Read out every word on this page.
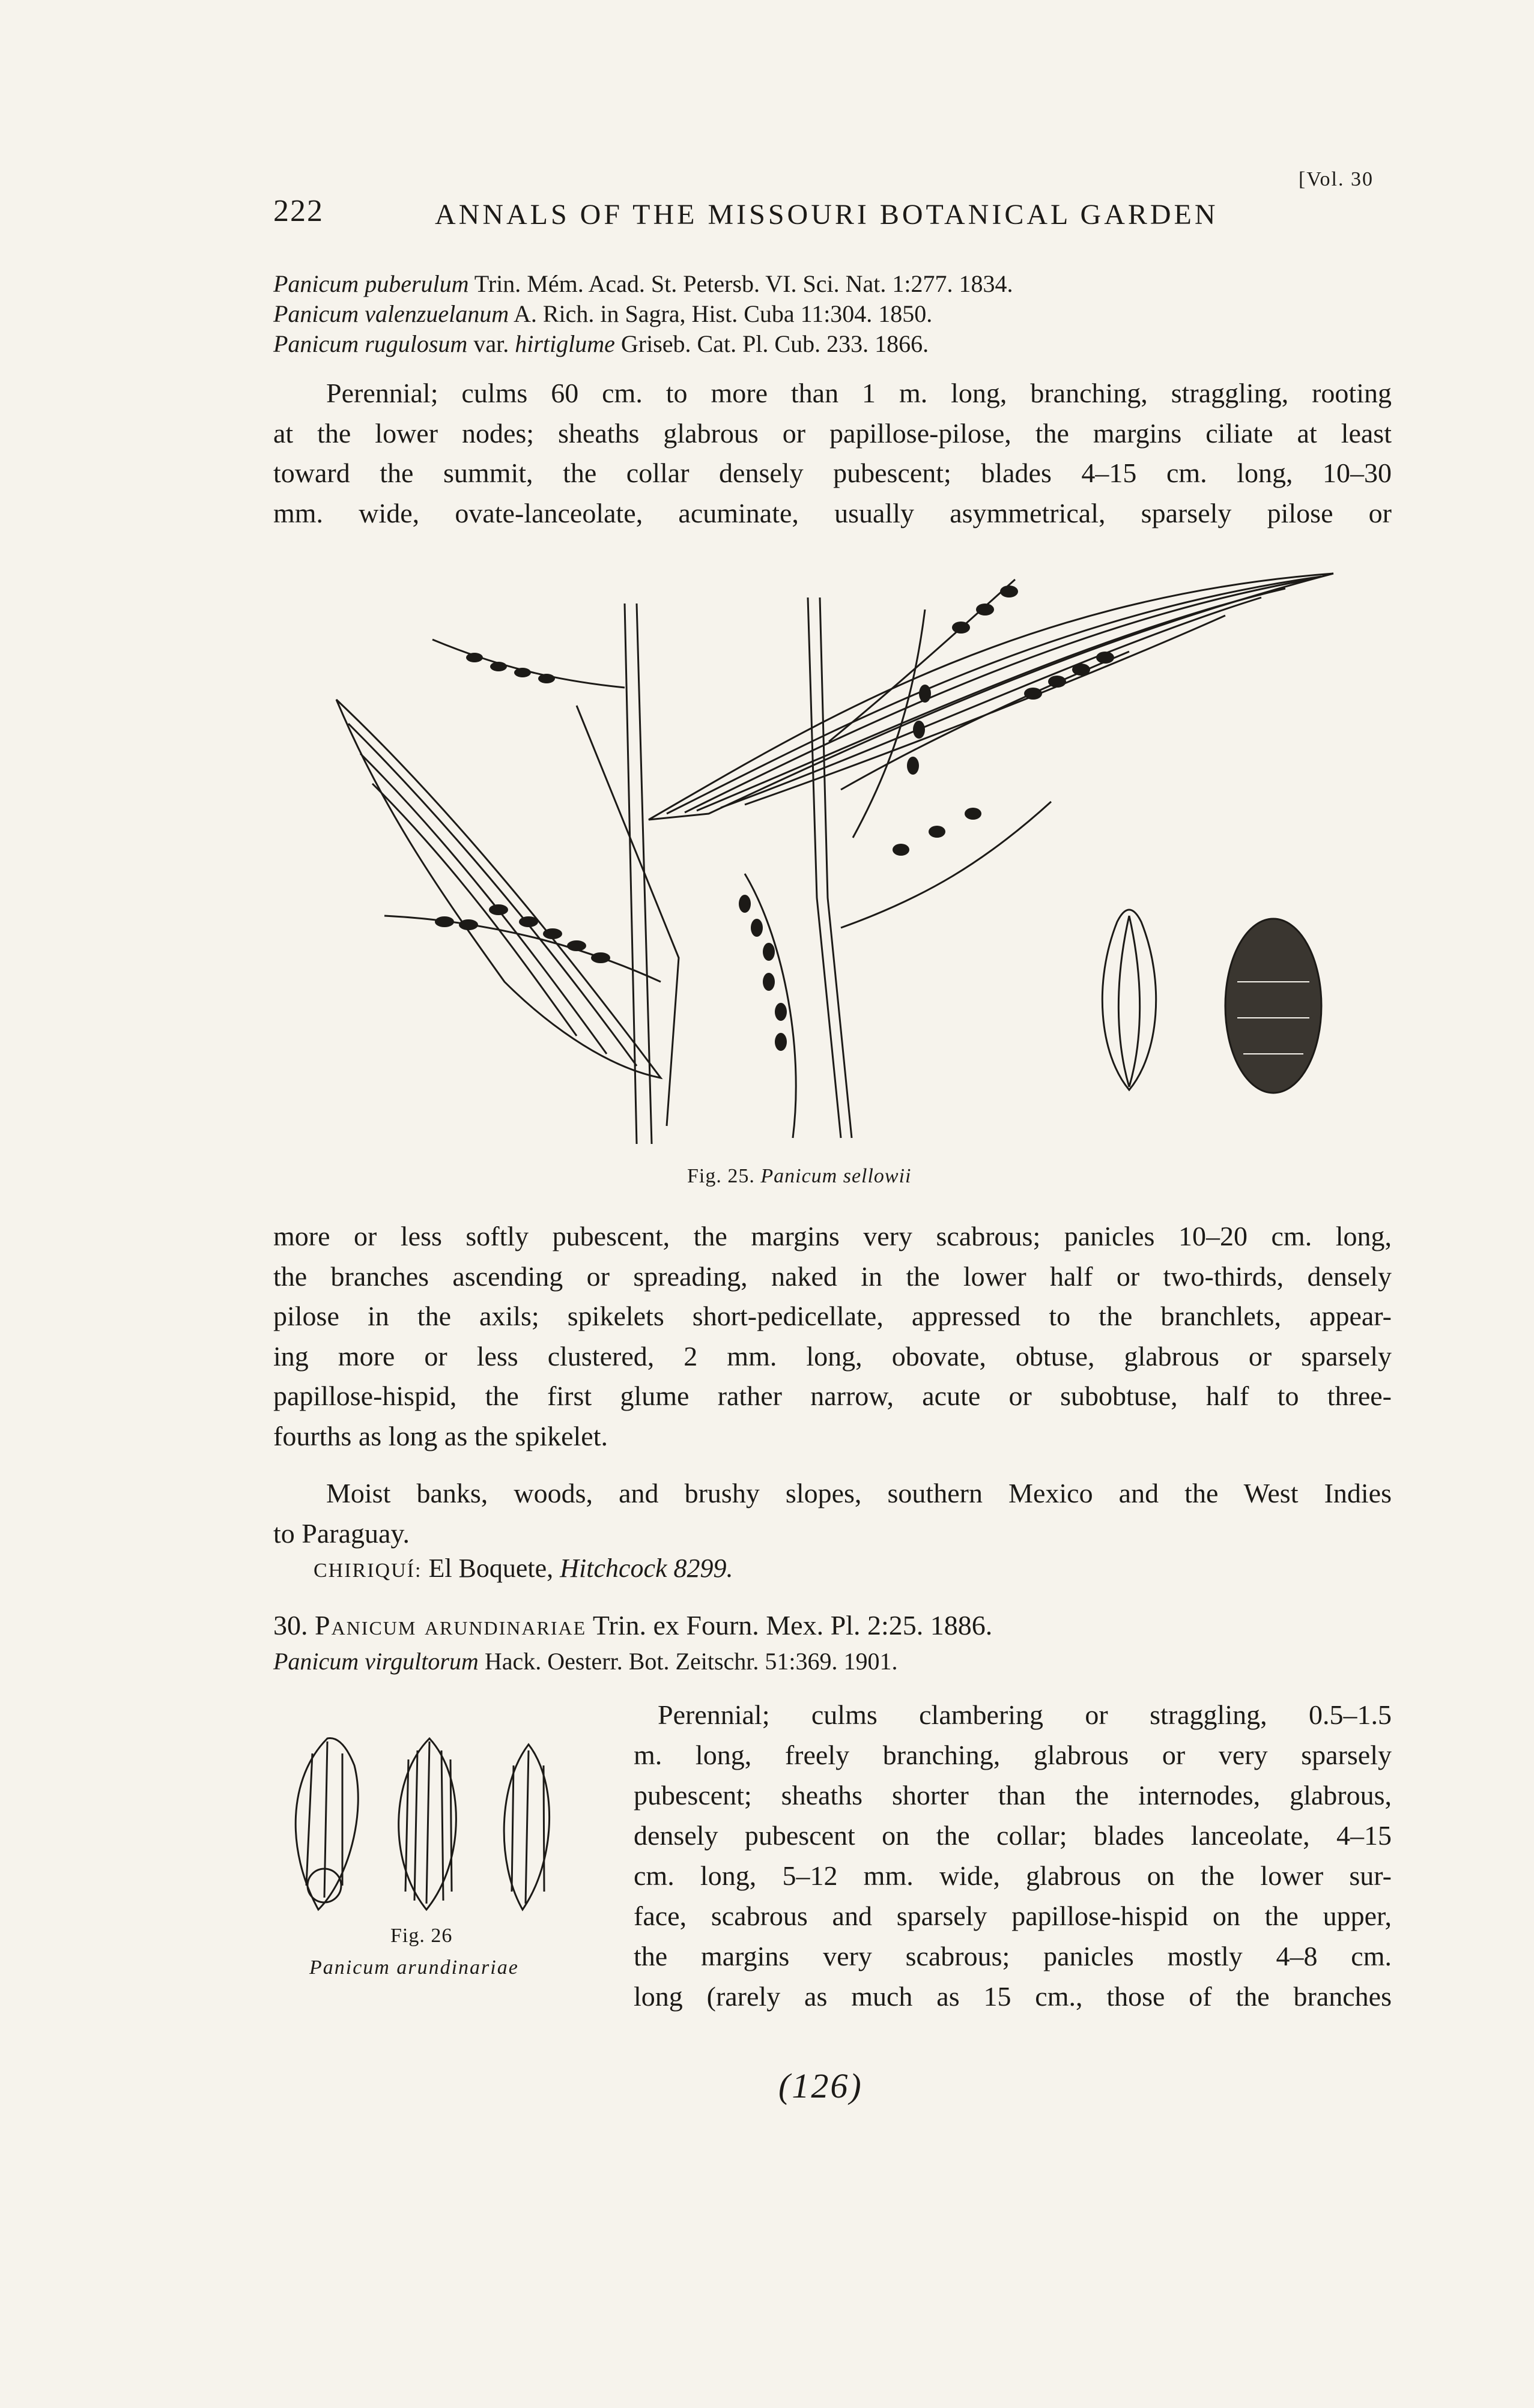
222	ANNALS OF THE MISSOURI BOTANICAL GARDEN
[Vol. 30
Panicum puberulum Trin. Mém. Acad. St. Petersb. VI. Sci. Nat. 1:277. 1834.
Panicum valenzuelanum A. Rich. in Sagra, Hist. Cuba 11:304. 1850.
Panicum rugulosum var. hirtiglume Griseb. Cat. Pl. Cub. 233. 1866.
Perennial; culms 60 cm. to more than 1 m. long, branching, straggling, rooting
at the lower nodes; sheaths glabrous or papillose-pilose, the margins ciliate at least
toward the summit, the collar densely pubescent; blades 4–15 cm. long, 10–30
mm. wide, ovate-lanceolate, acuminate, usually asymmetrical, sparsely pilose or
Fig. 25. Panicum sellowii
more or less softly pubescent, the margins very scabrous; panicles 10–20 cm. long,
the branches ascending or spreading, naked in the lower half or two-thirds, densely
pilose in the axils; spikelets short-pedicellate, appressed to the branchlets, appear-
ing more or less clustered, 2 mm. long, obovate, obtuse, glabrous or sparsely
papillose-hispid, the first glume rather narrow, acute or subobtuse, half to three-
fourths as long as the spikelet.
Moist banks, woods, and brushy slopes, southern Mexico and the West Indies
to Paraguay.
CHIRIQUÍ: El Boquete, Hitchcock 8299.
30. Panicum arundinariae Trin. ex Fourn. Mex. Pl. 2:25. 1886.
Panicum virgultorum Hack. Oesterr. Bot. Zeitschr. 51:369. 1901.
Fig. 26
Panicum arundinariae
Perennial; culms clambering or straggling, 0.5–1.5
m. long, freely branching, glabrous or very sparsely
pubescent; sheaths shorter than the internodes, glabrous,
densely pubescent on the collar; blades lanceolate, 4–15
cm. long, 5–12 mm. wide, glabrous on the lower sur-
face, scabrous and sparsely papillose-hispid on the upper,
the margins very scabrous; panicles mostly 4–8 cm.
long (rarely as much as 15 cm., those of the branches
(126)
